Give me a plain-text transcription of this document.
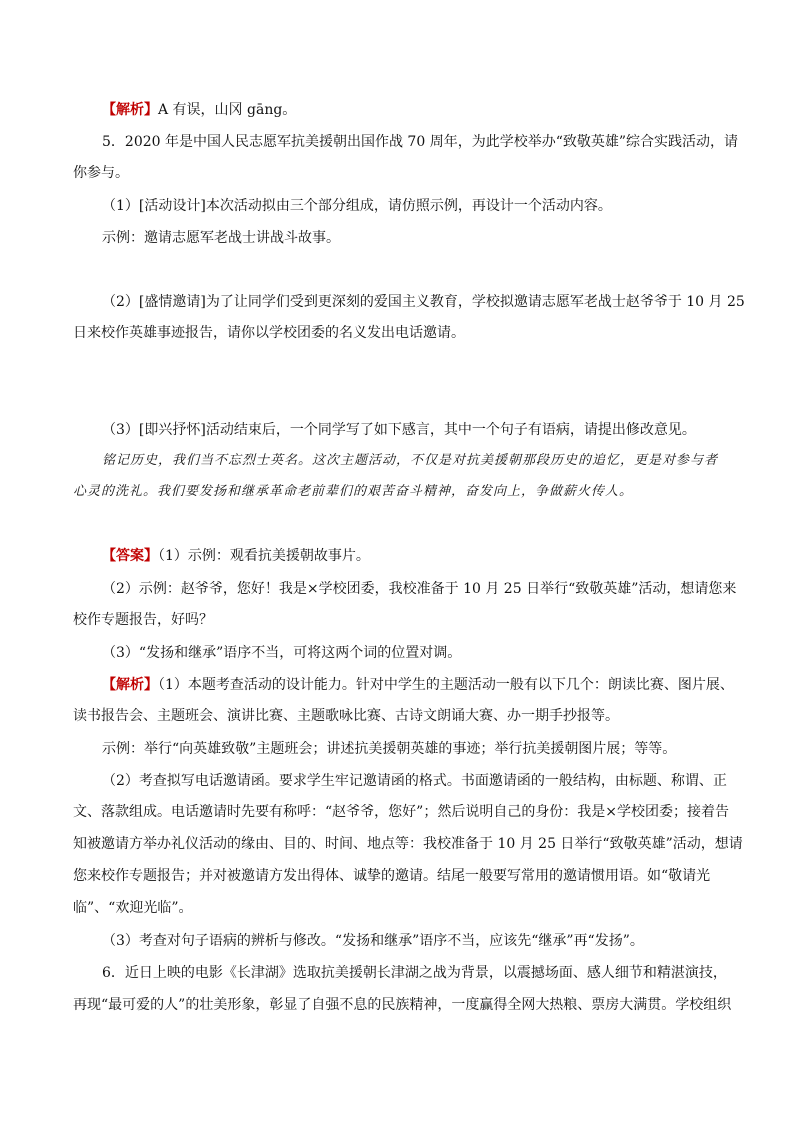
【解析】A 有误，山冈 gāng。
5．2020 年是中国人民志愿军抗美援朝出国作战 70 周年，为此学校举办“致敬英雄”综合实践活动，请
你参与。
（1）[活动设计]本次活动拟由三个部分组成，请仿照示例，再设计一个活动内容。
示例：邀请志愿军老战士讲战斗故事。
（2）[盛情邀请]为了让同学们受到更深刻的爱国主义教育，学校拟邀请志愿军老战士赵爷爷于 10 月 25
日来校作英雄事迹报告，请你以学校团委的名义发出电话邀请。
（3）[即兴抒怀]活动结束后，一个同学写了如下感言，其中一个句子有语病，请提出修改意见。
铭记历史，我们当不忘烈士英名。这次主题活动，不仅是对抗美援朝那段历史的追忆，更是对参与者
心灵的洗礼。我们要发扬和继承革命老前辈们的艰苦奋斗精神，奋发向上，争做薪火传人。
【答案】（1）示例：观看抗美援朝故事片。
（2）示例：赵爷爷，您好！我是×学校团委，我校准备于 10 月 25 日举行“致敬英雄”活动，想请您来
校作专题报告，好吗？
（3）“发扬和继承”语序不当，可将这两个词的位置对调。
【解析】（1）本题考查活动的设计能力。针对中学生的主题活动一般有以下几个：朗读比赛、图片展、
读书报告会、主题班会、演讲比赛、主题歌咏比赛、古诗文朗诵大赛、办一期手抄报等。
示例：举行“向英雄致敬”主题班会；讲述抗美援朝英雄的事迹；举行抗美援朝图片展；等等。
（2）考查拟写电话邀请函。要求学生牢记邀请函的格式。书面邀请函的一般结构，由标题、称谓、正
文、落款组成。电话邀请时先要有称呼：“赵爷爷，您好”；然后说明自己的身份：我是×学校团委；接着告
知被邀请方举办礼仪活动的缘由、目的、时间、地点等：我校准备于 10 月 25 日举行“致敬英雄”活动，想请
您来校作专题报告；并对被邀请方发出得体、诚挚的邀请。结尾一般要写常用的邀请惯用语。如“敬请光
临”、“欢迎光临”。
（3）考查对句子语病的辨析与修改。“发扬和继承”语序不当，应该先“继承”再“发扬”。
6．近日上映的电影《长津湖》选取抗美援朝长津湖之战为背景，以震撼场面、感人细节和精湛演技，
再现“最可爱的人”的壮美形象，彰显了自强不息的民族精神，一度赢得全网大热粮、票房大满贯。学校组织
